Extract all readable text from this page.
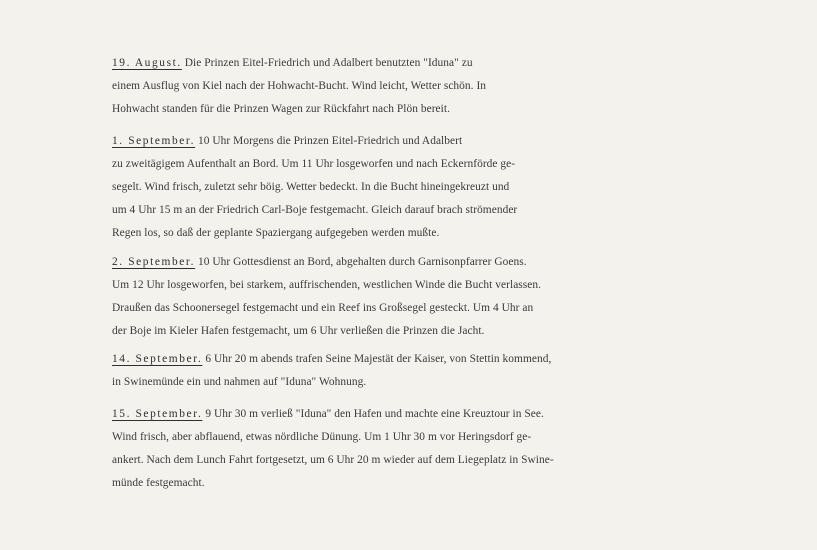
19. August. Die Prinzen Eitel-Friedrich und Adalbert benutzten "Iduna" zu
einem Ausflug von Kiel nach der Hohwacht-Bucht. Wind leicht, Wetter schön. In
Hohwacht standen für die Prinzen Wagen zur Rückfahrt nach Plön bereit.
1. September. 10 Uhr Morgens die Prinzen Eitel-Friedrich und Adalbert
zu zweitägigem Aufenthalt an Bord. Um 11 Uhr losgeworfen und nach Eckernförde ge-
segelt. Wind frisch, zuletzt sehr böig. Wetter bedeckt. In die Bucht hineingekreuzt und
um 4 Uhr 15 m an der Friedrich Carl-Boje festgemacht. Gleich darauf brach strömender
Regen los, so daß der geplante Spaziergang aufgegeben werden mußte.
2. September. 10 Uhr Gottesdienst an Bord, abgehalten durch Garnisonpfarrer Goens.
Um 12 Uhr losgeworfen, bei starkem, auffrischenden, westlichen Winde die Bucht verlassen.
Draußen das Schoonersegel festgemacht und ein Reef ins Großsegel gesteckt. Um 4 Uhr an
der Boje im Kieler Hafen festgemacht, um 6 Uhr verließen die Prinzen die Jacht.
14. September. 6 Uhr 20 m abends trafen Seine Majestät der Kaiser, von Stettin kommend,
in Swinemünde ein und nahmen auf "Iduna" Wohnung.
15. September. 9 Uhr 30 m verließ "Iduna" den Hafen und machte eine Kreuztour in See.
Wind frisch, aber abflauend, etwas nördliche Dünung. Um 1 Uhr 30 m vor Heringsdorf ge-
ankert. Nach dem Lunch Fahrt fortgesetzt, um 6 Uhr 20 m wieder auf dem Liegeplatz in Swine-
münde festgemacht.
